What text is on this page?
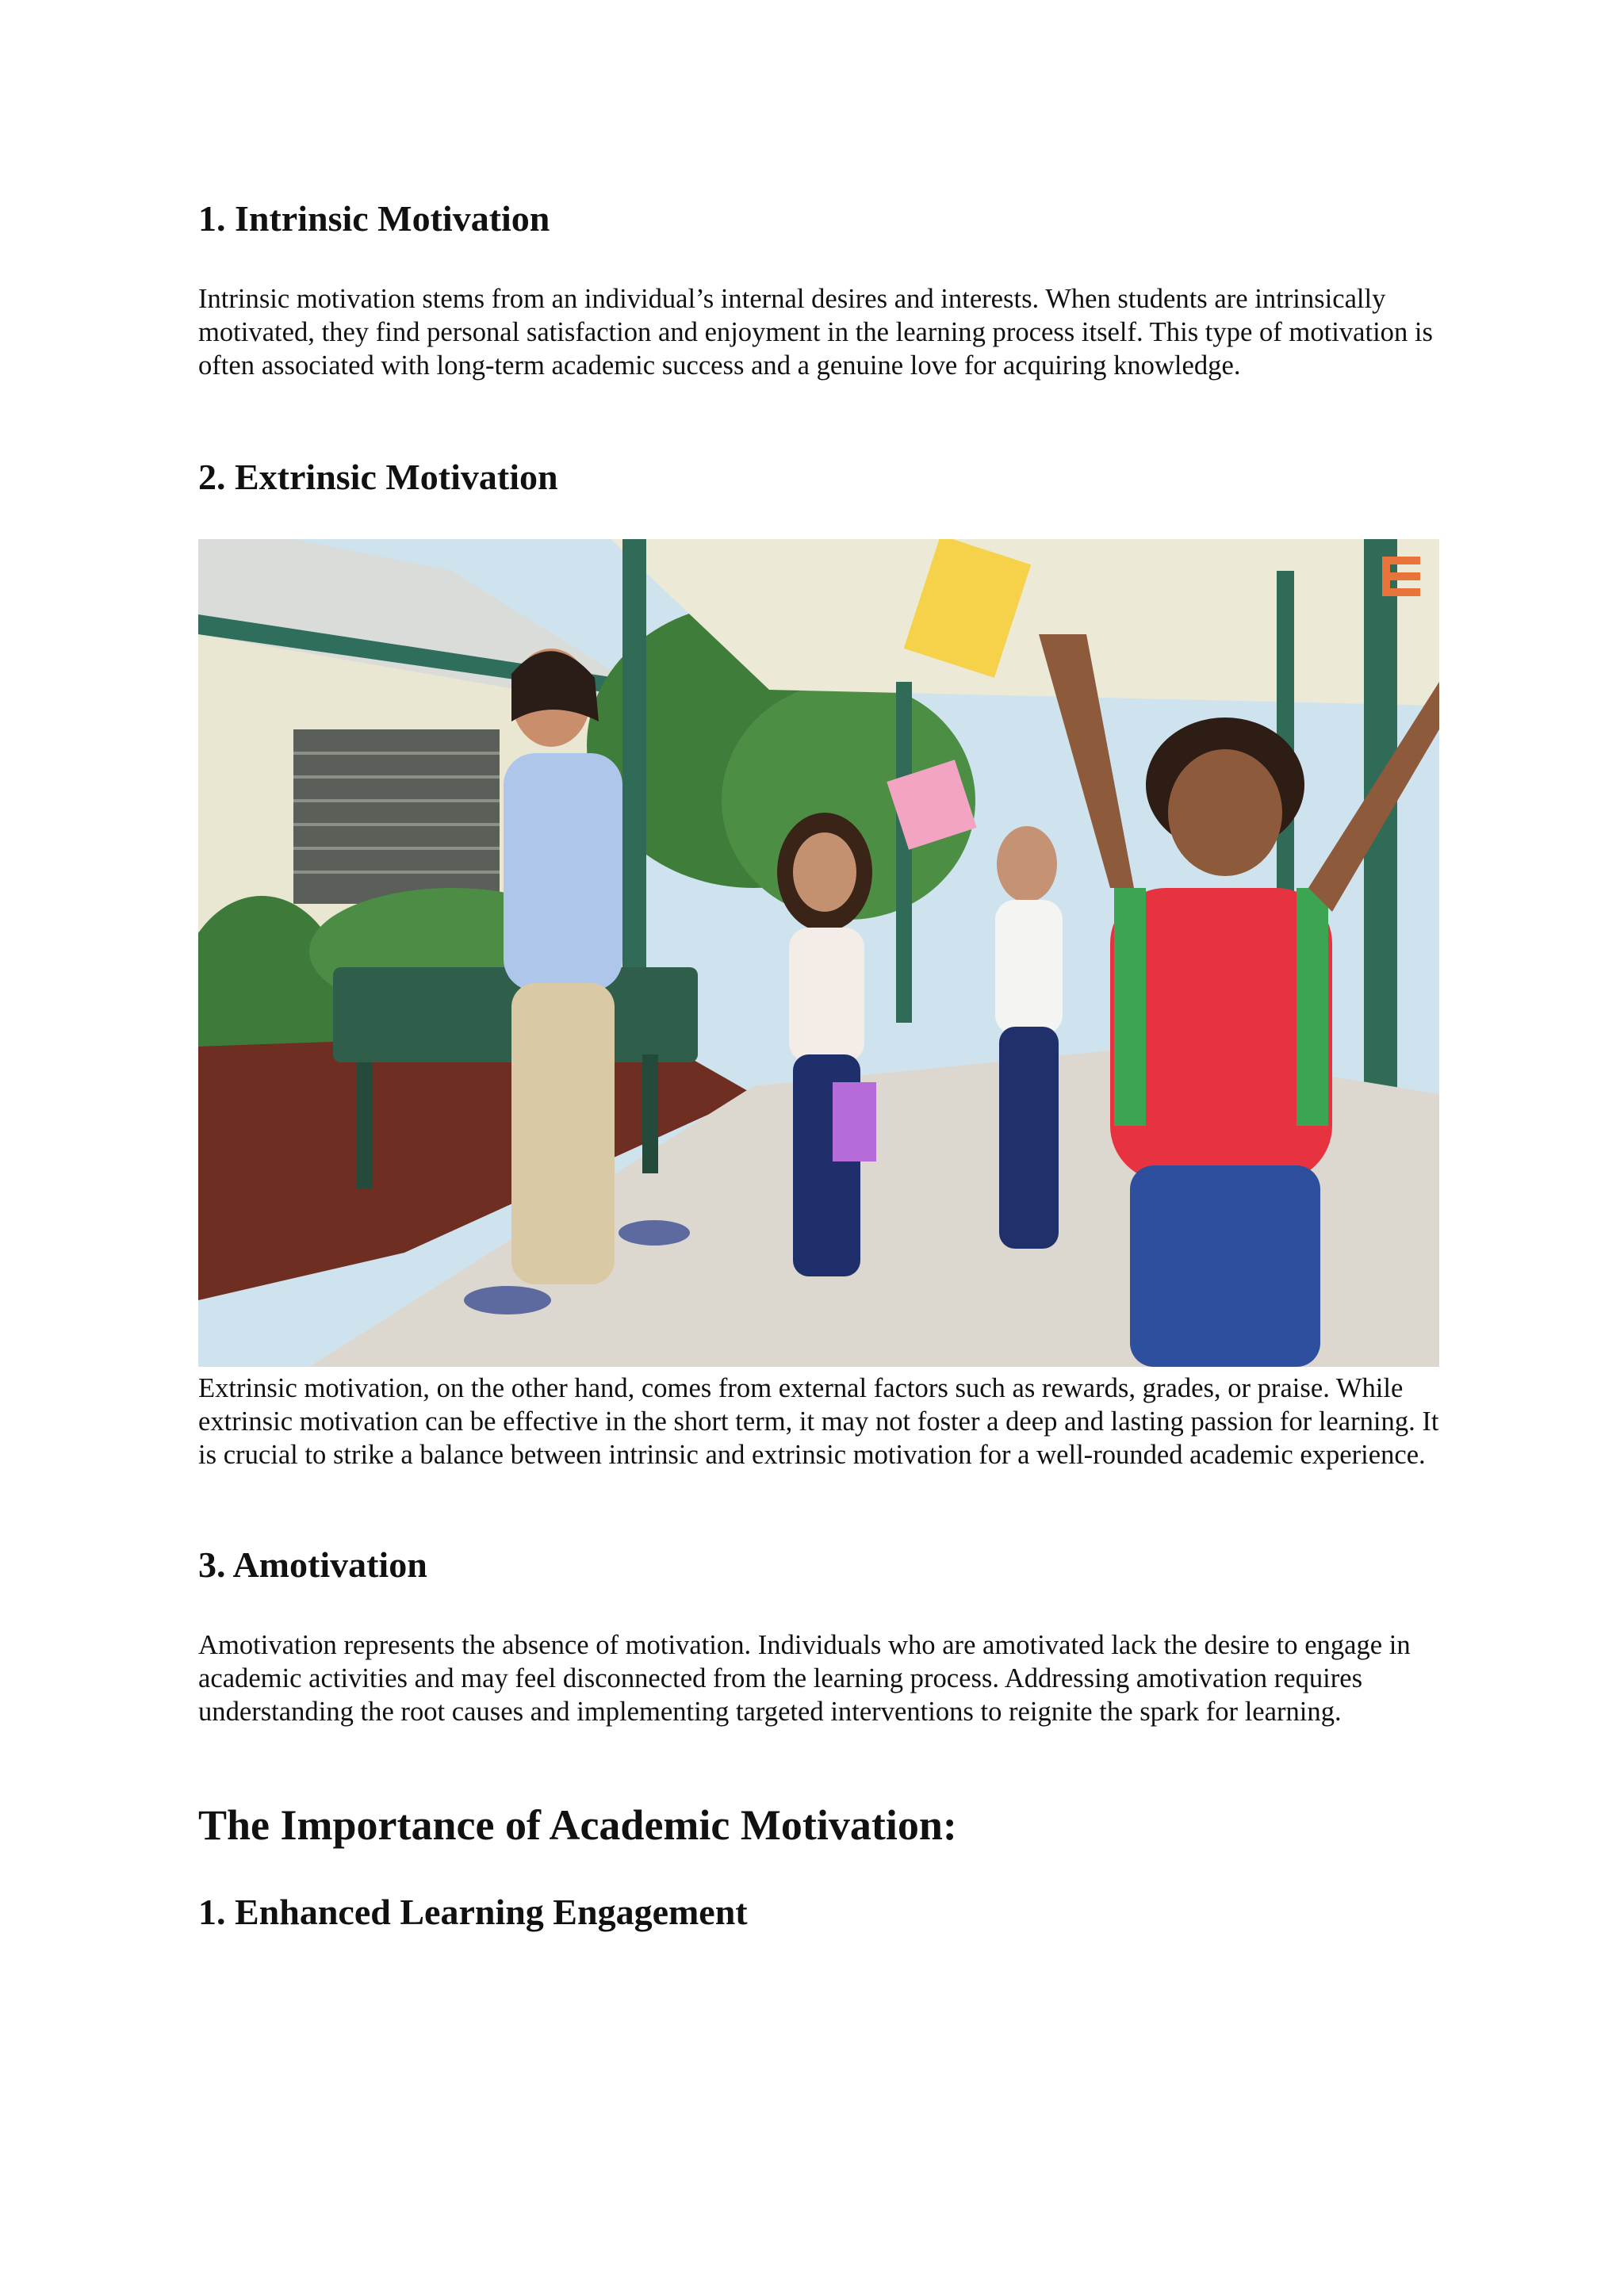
1. Intrinsic Motivation

Intrinsic motivation stems from an individual’s internal desires and interests. When students are intrinsically motivated, they find personal satisfaction and enjoyment in the learning process itself. This type of motivation is often associated with long-term academic success and a genuine love for acquiring knowledge.

2. Extrinsic Motivation

Extrinsic motivation, on the other hand, comes from external factors such as rewards, grades, or praise. While extrinsic motivation can be effective in the short term, it may not foster a deep and lasting passion for learning. It is crucial to strike a balance between intrinsic and extrinsic motivation for a well-rounded academic experience.

3. Amotivation

Amotivation represents the absence of motivation. Individuals who are amotivated lack the desire to engage in academic activities and may feel disconnected from the learning process. Addressing amotivation requires understanding the root causes and implementing targeted interventions to reignite the spark for learning.

The Importance of Academic Motivation:
1. Enhanced Learning Engagement
